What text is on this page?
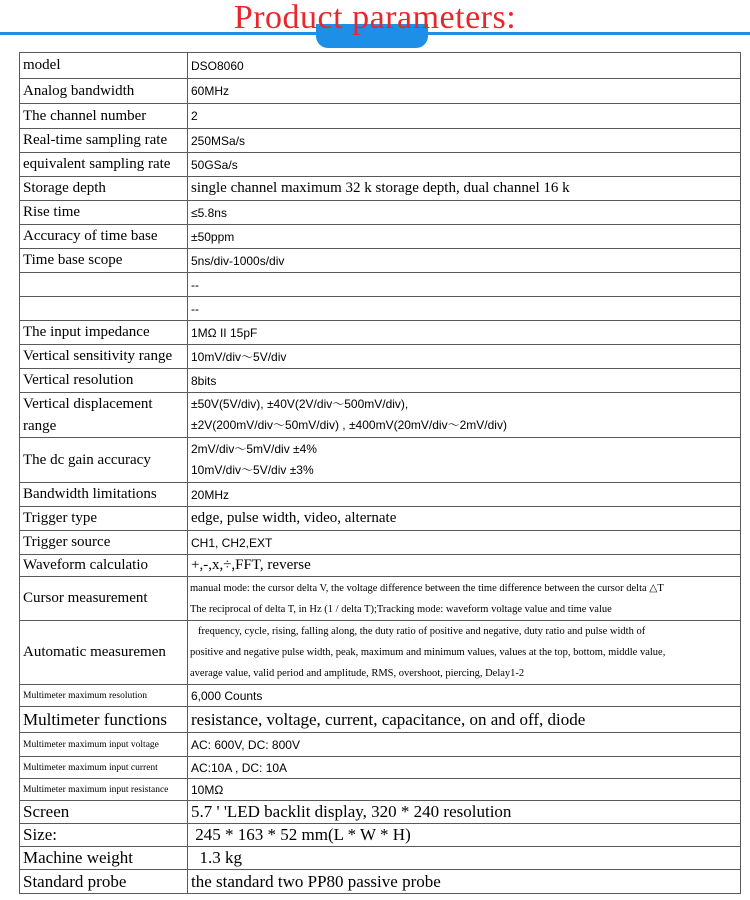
Product parameters:
model	DSO8060
Analog bandwidth	60MHz
The channel number	2
Real-time sampling rate	250MSa/s
equivalent sampling rate	50GSa/s
Storage depth	single channel maximum 32 k storage depth, dual channel 16 k
Rise time	≤5.8ns
Accuracy of time base	±50ppm
Time base scope	5ns/div-1000s/div
	--
	--
The input impedance	1MΩ II 15pF
Vertical sensitivity range	10mV/div～5V/div
Vertical resolution	8bits
Vertical displacement range	±50V(5V/div), ±40V(2V/div～500mV/div),
±2V(200mV/div～50mV/div) , ±400mV(20mV/div～2mV/div)

The dc gain accuracy	2mV/div～5mV/div ±4%
10mV/div～5V/div ±3%

Bandwidth limitations	20MHz
Trigger type	edge, pulse width, video, alternate
Trigger source	CH1, CH2,EXT
Waveform calculatio	+,-,x,÷,FFT, reverse
Cursor measurement	manual mode: the cursor delta V, the voltage difference between the time difference between the cursor delta △T
The reciprocal of delta T, in Hz (1 / delta T);Tracking mode: waveform voltage value and time value

Automatic measuremen	frequency, cycle, rising, falling along, the duty ratio of positive and negative, duty ratio and pulse width of
positive and negative pulse width, peak, maximum and minimum values, values at the top, bottom, middle value,
average value, valid period and amplitude, RMS, overshoot, piercing, Delay1-2

Multimeter maximum resolution	6,000 Counts
Multimeter functions	resistance, voltage, current, capacitance, on and off, diode
Multimeter maximum input voltage	AC: 600V, DC: 800V
Multimeter maximum input current	AC:10A , DC: 10A
Multimeter maximum input resistance	10MΩ
Screen	5.7 ' 'LED backlit display, 320 * 240 resolution
Size:	245 * 163 * 52 mm(L * W * H)
Machine weight	1.3 kg
Standard probe	the standard two PP80 passive probe
